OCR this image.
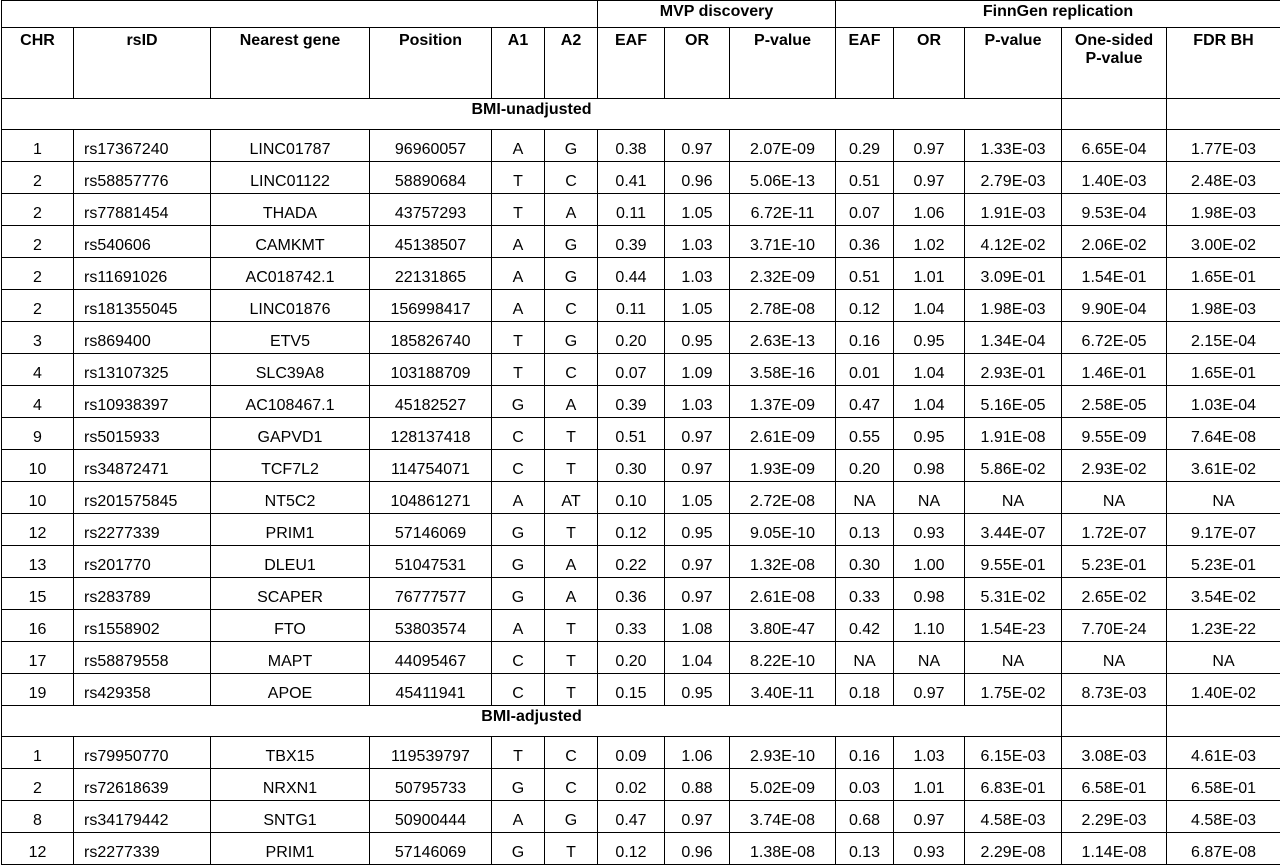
						MVP discovery			FinnGen replication				
CHR	rsID	Nearest gene	Position	A1	A2	EAF	OR	P-value	EAF	OR	P-value	One-sided P-value	FDR BH
BMI-unadjusted													
1	rs17367240	LINC01787	96960057	A	G	0.38	0.97	2.07E-09	0.29	0.97	1.33E-03	6.65E-04	1.77E-03
2	rs58857776	LINC01122	58890684	T	C	0.41	0.96	5.06E-13	0.51	0.97	2.79E-03	1.40E-03	2.48E-03
2	rs77881454	THADA	43757293	T	A	0.11	1.05	6.72E-11	0.07	1.06	1.91E-03	9.53E-04	1.98E-03
2	rs540606	CAMKMT	45138507	A	G	0.39	1.03	3.71E-10	0.36	1.02	4.12E-02	2.06E-02	3.00E-02
2	rs11691026	AC018742.1	22131865	A	G	0.44	1.03	2.32E-09	0.51	1.01	3.09E-01	1.54E-01	1.65E-01
2	rs181355045	LINC01876	156998417	A	C	0.11	1.05	2.78E-08	0.12	1.04	1.98E-03	9.90E-04	1.98E-03
3	rs869400	ETV5	185826740	T	G	0.20	0.95	2.63E-13	0.16	0.95	1.34E-04	6.72E-05	2.15E-04
4	rs13107325	SLC39A8	103188709	T	C	0.07	1.09	3.58E-16	0.01	1.04	2.93E-01	1.46E-01	1.65E-01
4	rs10938397	AC108467.1	45182527	G	A	0.39	1.03	1.37E-09	0.47	1.04	5.16E-05	2.58E-05	1.03E-04
9	rs5015933	GAPVD1	128137418	C	T	0.51	0.97	2.61E-09	0.55	0.95	1.91E-08	9.55E-09	7.64E-08
10	rs34872471	TCF7L2	114754071	C	T	0.30	0.97	1.93E-09	0.20	0.98	5.86E-02	2.93E-02	3.61E-02
10	rs201575845	NT5C2	104861271	A	AT	0.10	1.05	2.72E-08	NA	NA	NA	NA	NA
12	rs2277339	PRIM1	57146069	G	T	0.12	0.95	9.05E-10	0.13	0.93	3.44E-07	1.72E-07	9.17E-07
13	rs201770	DLEU1	51047531	G	A	0.22	0.97	1.32E-08	0.30	1.00	9.55E-01	5.23E-01	5.23E-01
15	rs283789	SCAPER	76777577	G	A	0.36	0.97	2.61E-08	0.33	0.98	5.31E-02	2.65E-02	3.54E-02
16	rs1558902	FTO	53803574	A	T	0.33	1.08	3.80E-47	0.42	1.10	1.54E-23	7.70E-24	1.23E-22
17	rs58879558	MAPT	44095467	C	T	0.20	1.04	8.22E-10	NA	NA	NA	NA	NA
19	rs429358	APOE	45411941	C	T	0.15	0.95	3.40E-11	0.18	0.97	1.75E-02	8.73E-03	1.40E-02
BMI-adjusted													
1	rs79950770	TBX15	119539797	T	C	0.09	1.06	2.93E-10	0.16	1.03	6.15E-03	3.08E-03	4.61E-03
2	rs72618639	NRXN1	50795733	G	C	0.02	0.88	5.02E-09	0.03	1.01	6.83E-01	6.58E-01	6.58E-01
8	rs34179442	SNTG1	50900444	A	G	0.47	0.97	3.74E-08	0.68	0.97	4.58E-03	2.29E-03	4.58E-03
12	rs2277339	PRIM1	57146069	G	T	0.12	0.96	1.38E-08	0.13	0.93	2.29E-08	1.14E-08	6.87E-08
